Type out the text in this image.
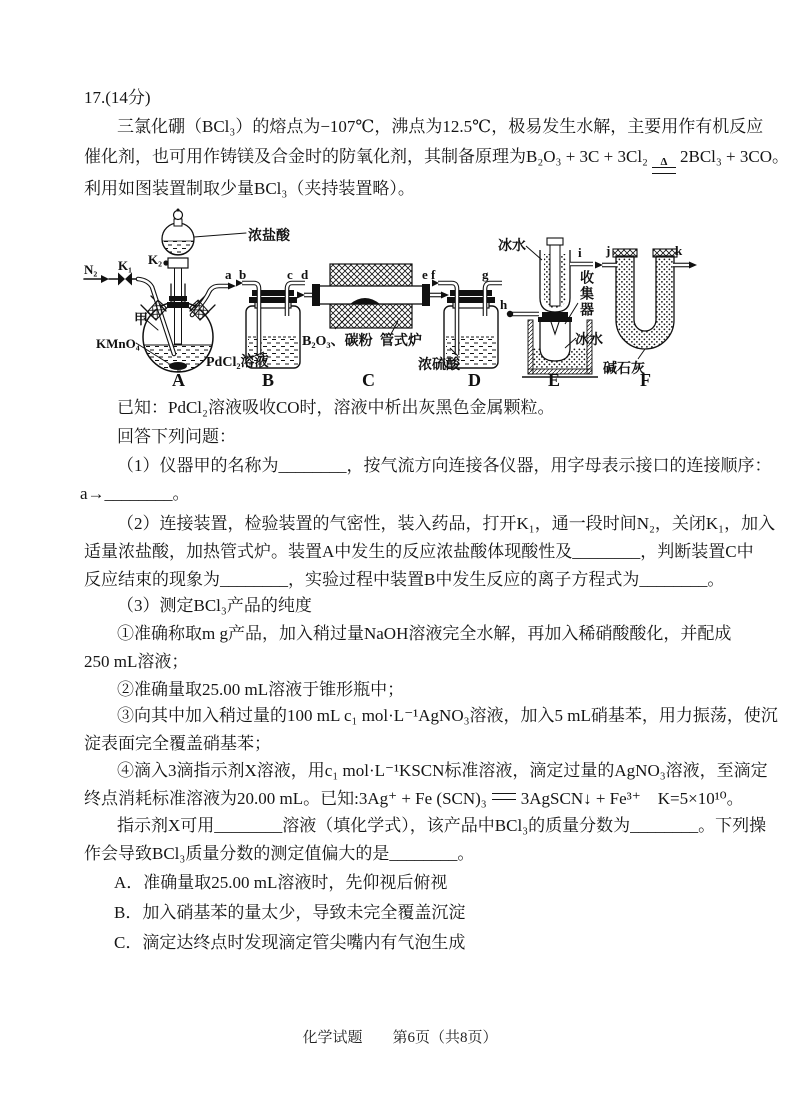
17.(14分)
三氯化硼（BCl₃）的熔点为−107℃，沸点为12.5℃，极易发生水解，主要用作有机反应
催化剂，也可用作铸镁及合金时的防氧化剂，其制备原理为B₂O₃ + 3C + 3Cl₂ Δ 2BCl₃ + 3CO。
利用如图装置制取少量BCl₃（夹持装置略）。
N₂ K₁ K₂
浓盐酸
甲
KMnO₄
a b	c
PdCl₂溶液
d	e
B₂O₃、碳粉 管式炉
f	g
浓硫酸
冰水	i
h	收集器
冰水
j	k
碱石灰
A	B	C	D	E	F
已知：PdCl₂溶液吸收CO时，溶液中析出灰黑色金属颗粒。
回答下列问题：
（1）仪器甲的名称为________，按气流方向连接各仪器，用字母表示接口的连接顺序：
a→________。
（2）连接装置，检验装置的气密性，装入药品，打开K₁，通一段时间N₂，关闭K₁，加入
适量浓盐酸，加热管式炉。装置A中发生的反应浓盐酸体现酸性及________，判断装置C中
反应结束的现象为________，实验过程中装置B中发生反应的离子方程式为________。
（3）测定BCl₃产品的纯度
①准确称取m g产品，加入稍过量NaOH溶液完全水解，再加入稀硝酸酸化，并配成
250 mL溶液；
②准确量取25.00 mL溶液于锥形瓶中；
③向其中加入稍过量的100 mL c₁ mol·L⁻¹AgNO₃溶液，加入5 mL硝基苯，用力振荡，使沉
淀表面完全覆盖硝基苯；
④滴入3滴指示剂X溶液，用c₁ mol·L⁻¹KSCN标准溶液，滴定过量的AgNO₃溶液，至滴定
终点消耗标准溶液为20.00 mL。已知:3Ag⁺ + Fe (SCN)₃ 3AgSCN↓ + Fe³⁺　K=5×10¹⁰。
指示剂X可用________溶液（填化学式），该产品中BCl₃的质量分数为________。下列操
作会导致BCl₃质量分数的测定值偏大的是________。
A．准确量取25.00 mL溶液时，先仰视后俯视
B．加入硝基苯的量太少，导致未完全覆盖沉淀
C．滴定达终点时发现滴定管尖嘴内有气泡生成
化学试题　　第6页（共8页）
